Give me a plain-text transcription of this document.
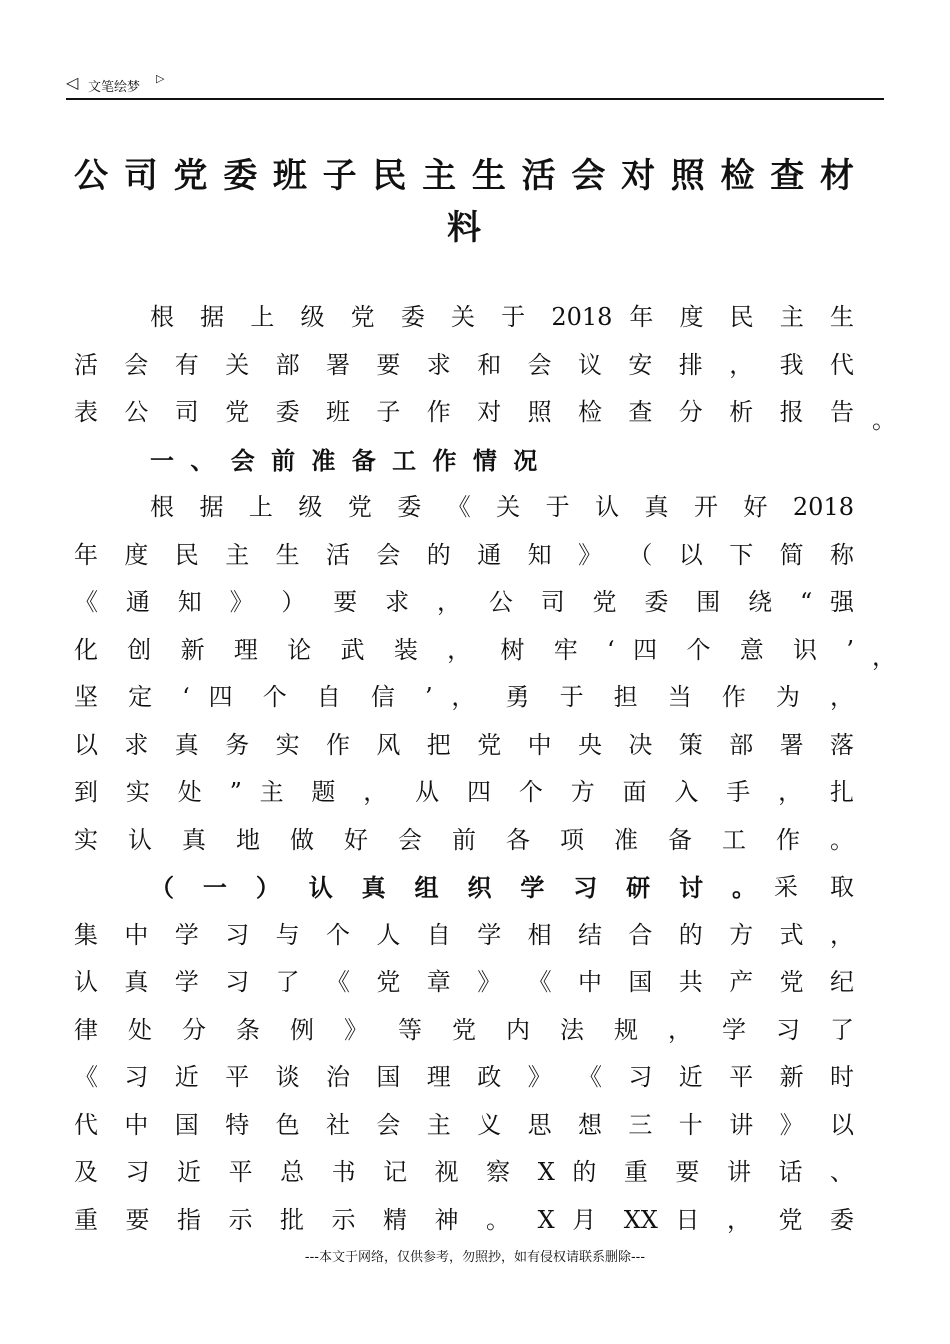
◁ 文笔绘梦
▷
公司党委班子民主生活会对照检查材
料
根 据 上 级 党 委 关 于 2018 年 度 民 主 生
活 会 有 关 部 署 要 求 和 会 议 安 排 ， 我 代
表 公 司 党 委 班 子 作 对 照 检 查 分 析 报 告
一 、 会 前 准 备 工 作 情 况
根 据 上 级 党 委 《 关 于 认 真 开 好 2018
年 度 民 主 生 活 会 的 通 知 》 （ 以 下 简 称
《 通 知 》 ） 要 求 ， 公 司 党 委 围 绕 “ 强
化 创 新 理 论 武 装 ， 树 牢 ‘ 四 个 意 识 ’
坚 定 ‘ 四 个 自 信 ’ ， 勇 于 担 当 作 为 ，
以 求 真 务 实 作 风 把 党 中 央 决 策 部 署 落
到 实 处 ” 主 题 ， 从 四 个 方 面 入 手 ， 扎
实 认 真 地 做 好 会 前 各 项 准 备 工 作 。
（ 一 ） 认 真 组 织 学 习 研 讨 。 采 取
集 中 学 习 与 个 人 自 学 相 结 合 的 方 式 ，
认 真 学 习 了 《 党 章 》 《 中 国 共 产 党 纪
律 处 分 条 例 》 等 党 内 法 规 ， 学 习 了
《 习 近 平 谈 治 国 理 政 》 《 习 近 平 新 时
代 中 国 特 色 社 会 主 义 思 想 三 十 讲 》 以
及 习 近 平 总 书 记 视 察 X 的 重 要 讲 话 、
重 要 指 示 批 示 精 神 。 X 月 XX 日 ， 党 委
。
，
---本文于网络，仅供参考，勿照抄，如有侵权请联系删除---
